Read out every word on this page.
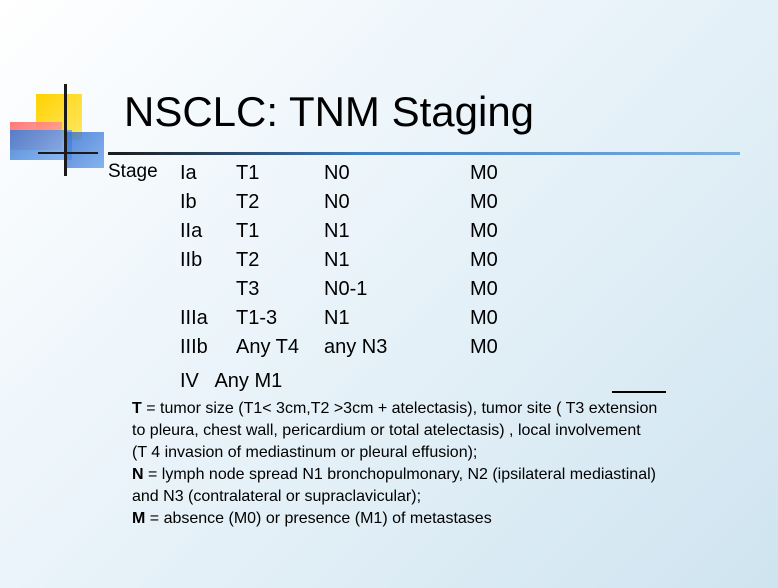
NSCLC: TNM Staging
Stage Ia
Ib
IIa
IIb
IIIa
IIIb
T1
T2
T1
T2
T3
T1-3
Any T4
N0
N0
N1
N1
N0-1
N1
any N3
M0
M0
M0
M0
M0
M0
M0
IV   Any M1

T = tumor size (T1< 3cm,T2 >3cm + atelectasis), tumor site ( T3 extension

to pleura, chest wall, pericardium or total atelectasis) , local involvement

(T 4 invasion of mediastinum or pleural effusion);

N = lymph node spread N1 bronchopulmonary, N2 (ipsilateral mediastinal)

and N3 (contralateral or supraclavicular);

M = absence (M0) or presence (M1) of metastases
